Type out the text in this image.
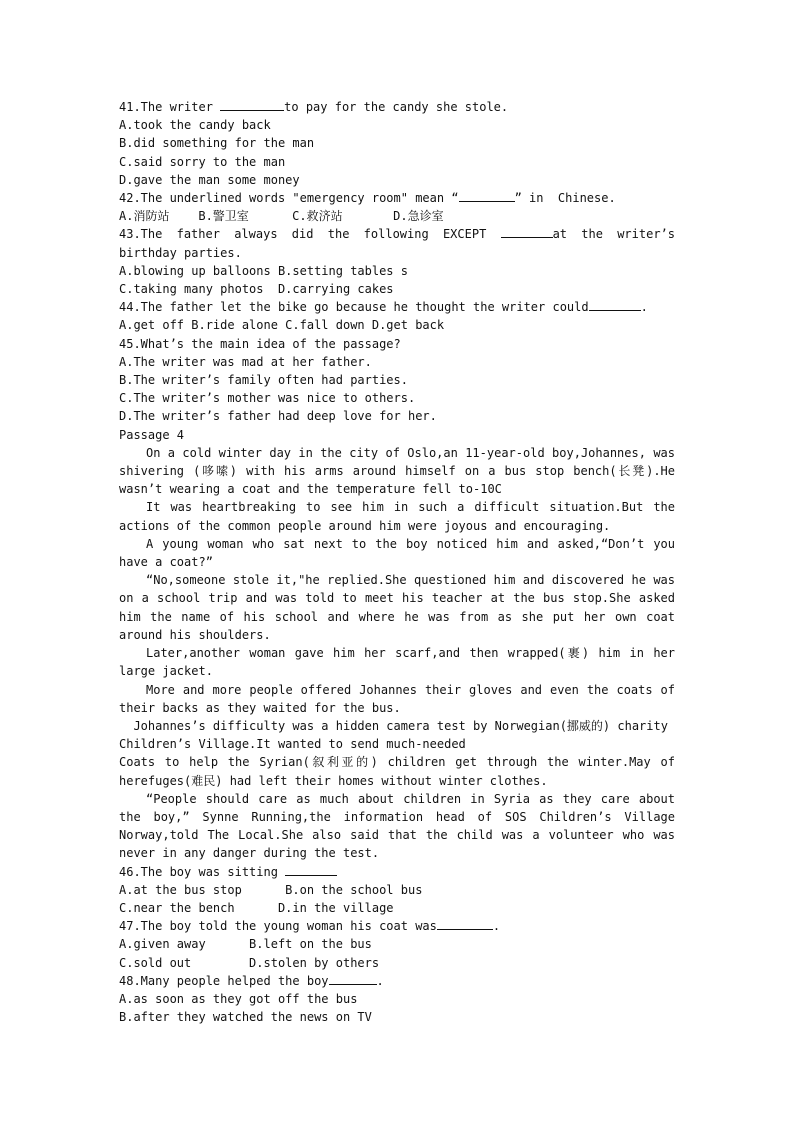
41.The writer	to pay for the candy she stole.
A.took the candy back
B.did something for the man
C.said sorry to the man
D.gave the man some money
42.The underlined words "emergency room" mean “	” in  Chinese.
A.消防站    B.警卫室      C.救济站       D.急诊室
43.The father always did the following EXCEPT	at the writer’s birthday parties.
A.blowing up balloons B.setting tables s
C.taking many photos  D.carrying cakes
44.The father let the bike go because he thought the writer could	.
A.get off B.ride alone C.fall down D.get back
45.What’s the main idea of the passage?
A.The writer was mad at her father.
B.The writer’s family often had parties.
C.The writer’s mother was nice to others.
D.The writer’s father had deep love for her.
Passage 4

On a cold winter day in the city of Oslo,an 11-year-old boy,Johannes, was shivering (哆嗦) with his arms around himself on a bus stop bench(长凳).He wasn’t wearing a coat and the temperature fell to-10C

It was heartbreaking to see him in such a difficult situation.But the actions of the common people around him were joyous and encouraging.

A young woman who sat next to the boy noticed him and asked,“Don’t you have a coat?”

“No,someone stole it,"he replied.She questioned him and discovered he was on a school trip and was told to meet his teacher at the bus stop.She asked him the name of his school and where he was from as she put her own coat around his shoulders.

Later,another woman gave him her scarf,and then wrapped(裹) him in her large jacket.

More and more people offered Johannes their gloves and even the coats of their backs as they waited for the bus.

Johannes’s difficulty was a hidden camera test by Norwegian(挪威的) charity
Children’s Village.It wanted to send much-needed

Coats to help the Syrian(叙利亚的) children get through the winter.May of herefuges(难民) had left their homes without winter clothes.

“People should care as much about children in Syria as they care about the boy,” Synne Running,the information head of SOS Children’s Village Norway,told The Local.She also said that the child was a volunteer who was never in any danger during the test.

46.The boy was sitting
A.at the bus stop      B.on the school bus
C.near the bench      D.in the village
47.The boy told the young woman his coat was	.
A.given away      B.left on the bus
C.sold out        D.stolen by others
48.Many people helped the boy	.
A.as soon as they got off the bus
B.after they watched the news on TV
